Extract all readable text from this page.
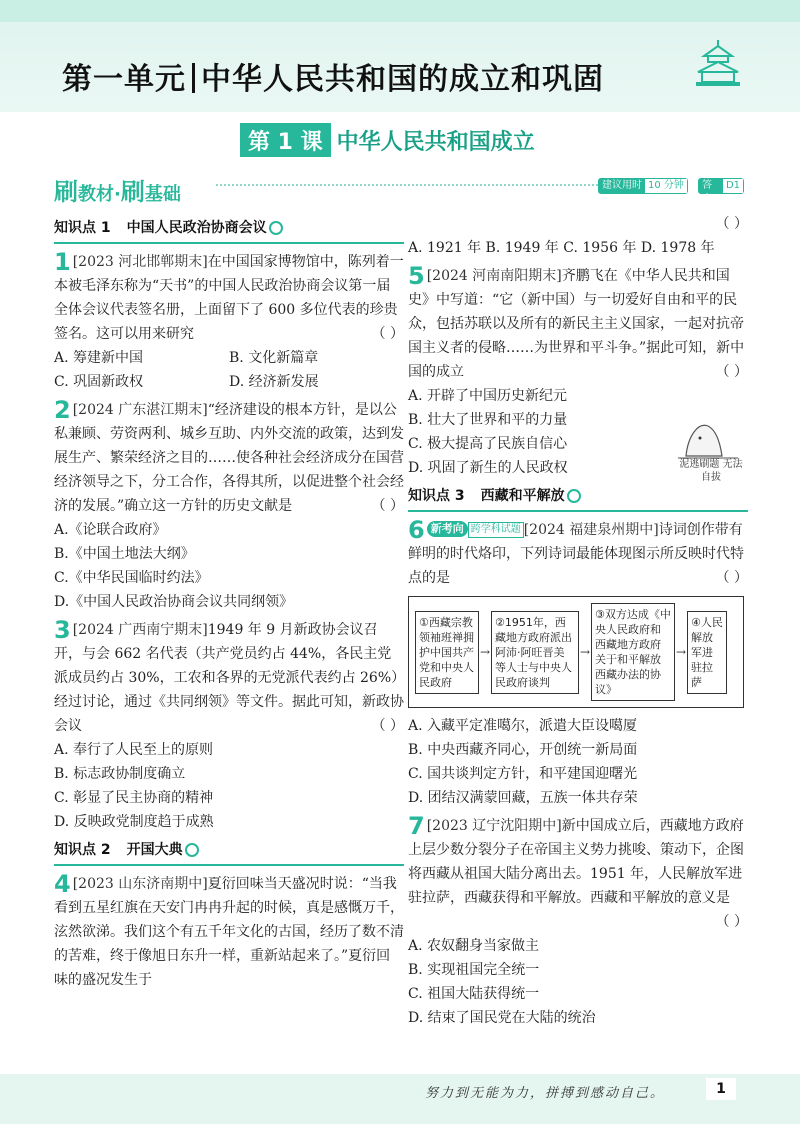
第一单元 中华人民共和国的成立和巩固
第 1 课 中华人民共和国成立
刷教材·刷基础	建议用时 10 分钟	答案
D1
知识点 1 中国人民政治协商会议
1 [2023 河北邯郸期末]在中国国家博物馆中，陈列着一本被毛泽东称为“天书”的中国人民政治协商会议第一届全体会议代表签名册，上面留下了 600 多位代表的珍贵签名。这可以用来研究	（ ）
A. 筹建新中国	B. 文化新篇章
C. 巩固新政权	D. 经济新发展
2 [2024 广东湛江期末]“经济建设的根本方针，是以公私兼顾、劳资两利、城乡互助、内外交流的政策，达到发展生产、繁荣经济之目的……使各种社会经济成分在国营经济领导之下，分工合作，各得其所，以促进整个社会经济的发展。”确立这一方针的历史文献是	（ ）
A.《论联合政府》
B.《中国土地法大纲》
C.《中华民国临时约法》
D.《中国人民政治协商会议共同纲领》
3 [2024 广西南宁期末]1949 年 9 月新政协会议召开，与会 662 名代表（共产党员约占 44%，各民主党派成员约占 30%，工农和各界的无党派代表约占 26%）经过讨论，通过《共同纲领》等文件。据此可知，新政协会议	（ ）
A. 奉行了人民至上的原则
B. 标志政协制度确立
C. 彰显了民主协商的精神
D. 反映政党制度趋于成熟
知识点 2 开国大典
4 [2023 山东济南期中]夏衍回味当天盛况时说：“当我看到五星红旗在天安门冉冉升起的时候，真是感慨万千，泫然欲涕。我们这个有五千年文化的古国，经历了数不清的苦难，终于像旭日东升一样，重新站起来了。”夏衍回味的盛况发生于
（ ）
A. 1921 年 B. 1949 年 C. 1956 年 D. 1978 年
5 [2024 河南南阳期末]齐鹏飞在《中华人民共和国史》中写道：“它（新中国）与一切爱好自由和平的民众，包括苏联以及所有的新民主主义国家，一起对抗帝国主义者的侵略……为世界和平斗争。”据此可知，新中国的成立	（ ）
A. 开辟了中国历史新纪元
B. 壮大了世界和平的力量
C. 极大提高了民族自信心
D. 巩固了新生的人民政权
知识点 3 西藏和平解放
6 新考向 跨学科试题 [2024 福建泉州期中]诗词创作带有鲜明的时代烙印，下列诗词最能体现图示所反映时代特点的是	（ ）
①西藏宗教领袖班禅拥护中国共产党和中央人民政府
→
②1951年，西藏地方政府派出阿沛·阿旺晋美等人士与中央人民政府谈判
→
③双方达成《中央人民政府和西藏地方政府关于和平解放西藏办法的协议》
→
④人民解放军进驻拉萨
A. 入藏平定准噶尔，派遣大臣设噶厦
B. 中央西藏齐同心，开创统一新局面
C. 国共谈判定方针，和平建国迎曙光
D. 团结汉满蒙回藏，五族一体共存荣
7 [2023 辽宁沈阳期中]新中国成立后，西藏地方政府上层少数分裂分子在帝国主义势力挑唆、策动下，企图将西藏从祖国大陆分离出去。1951 年，人民解放军进驻拉萨，西藏获得和平解放。西藏和平解放的意义是
（ ）
A. 农奴翻身当家做主
B. 实现祖国完全统一
C. 祖国大陆获得统一
D. 结束了国民党在大陆的统治
泥逃刷题 无法自拔
努力到无能为力，拼搏到感动自己。	1
